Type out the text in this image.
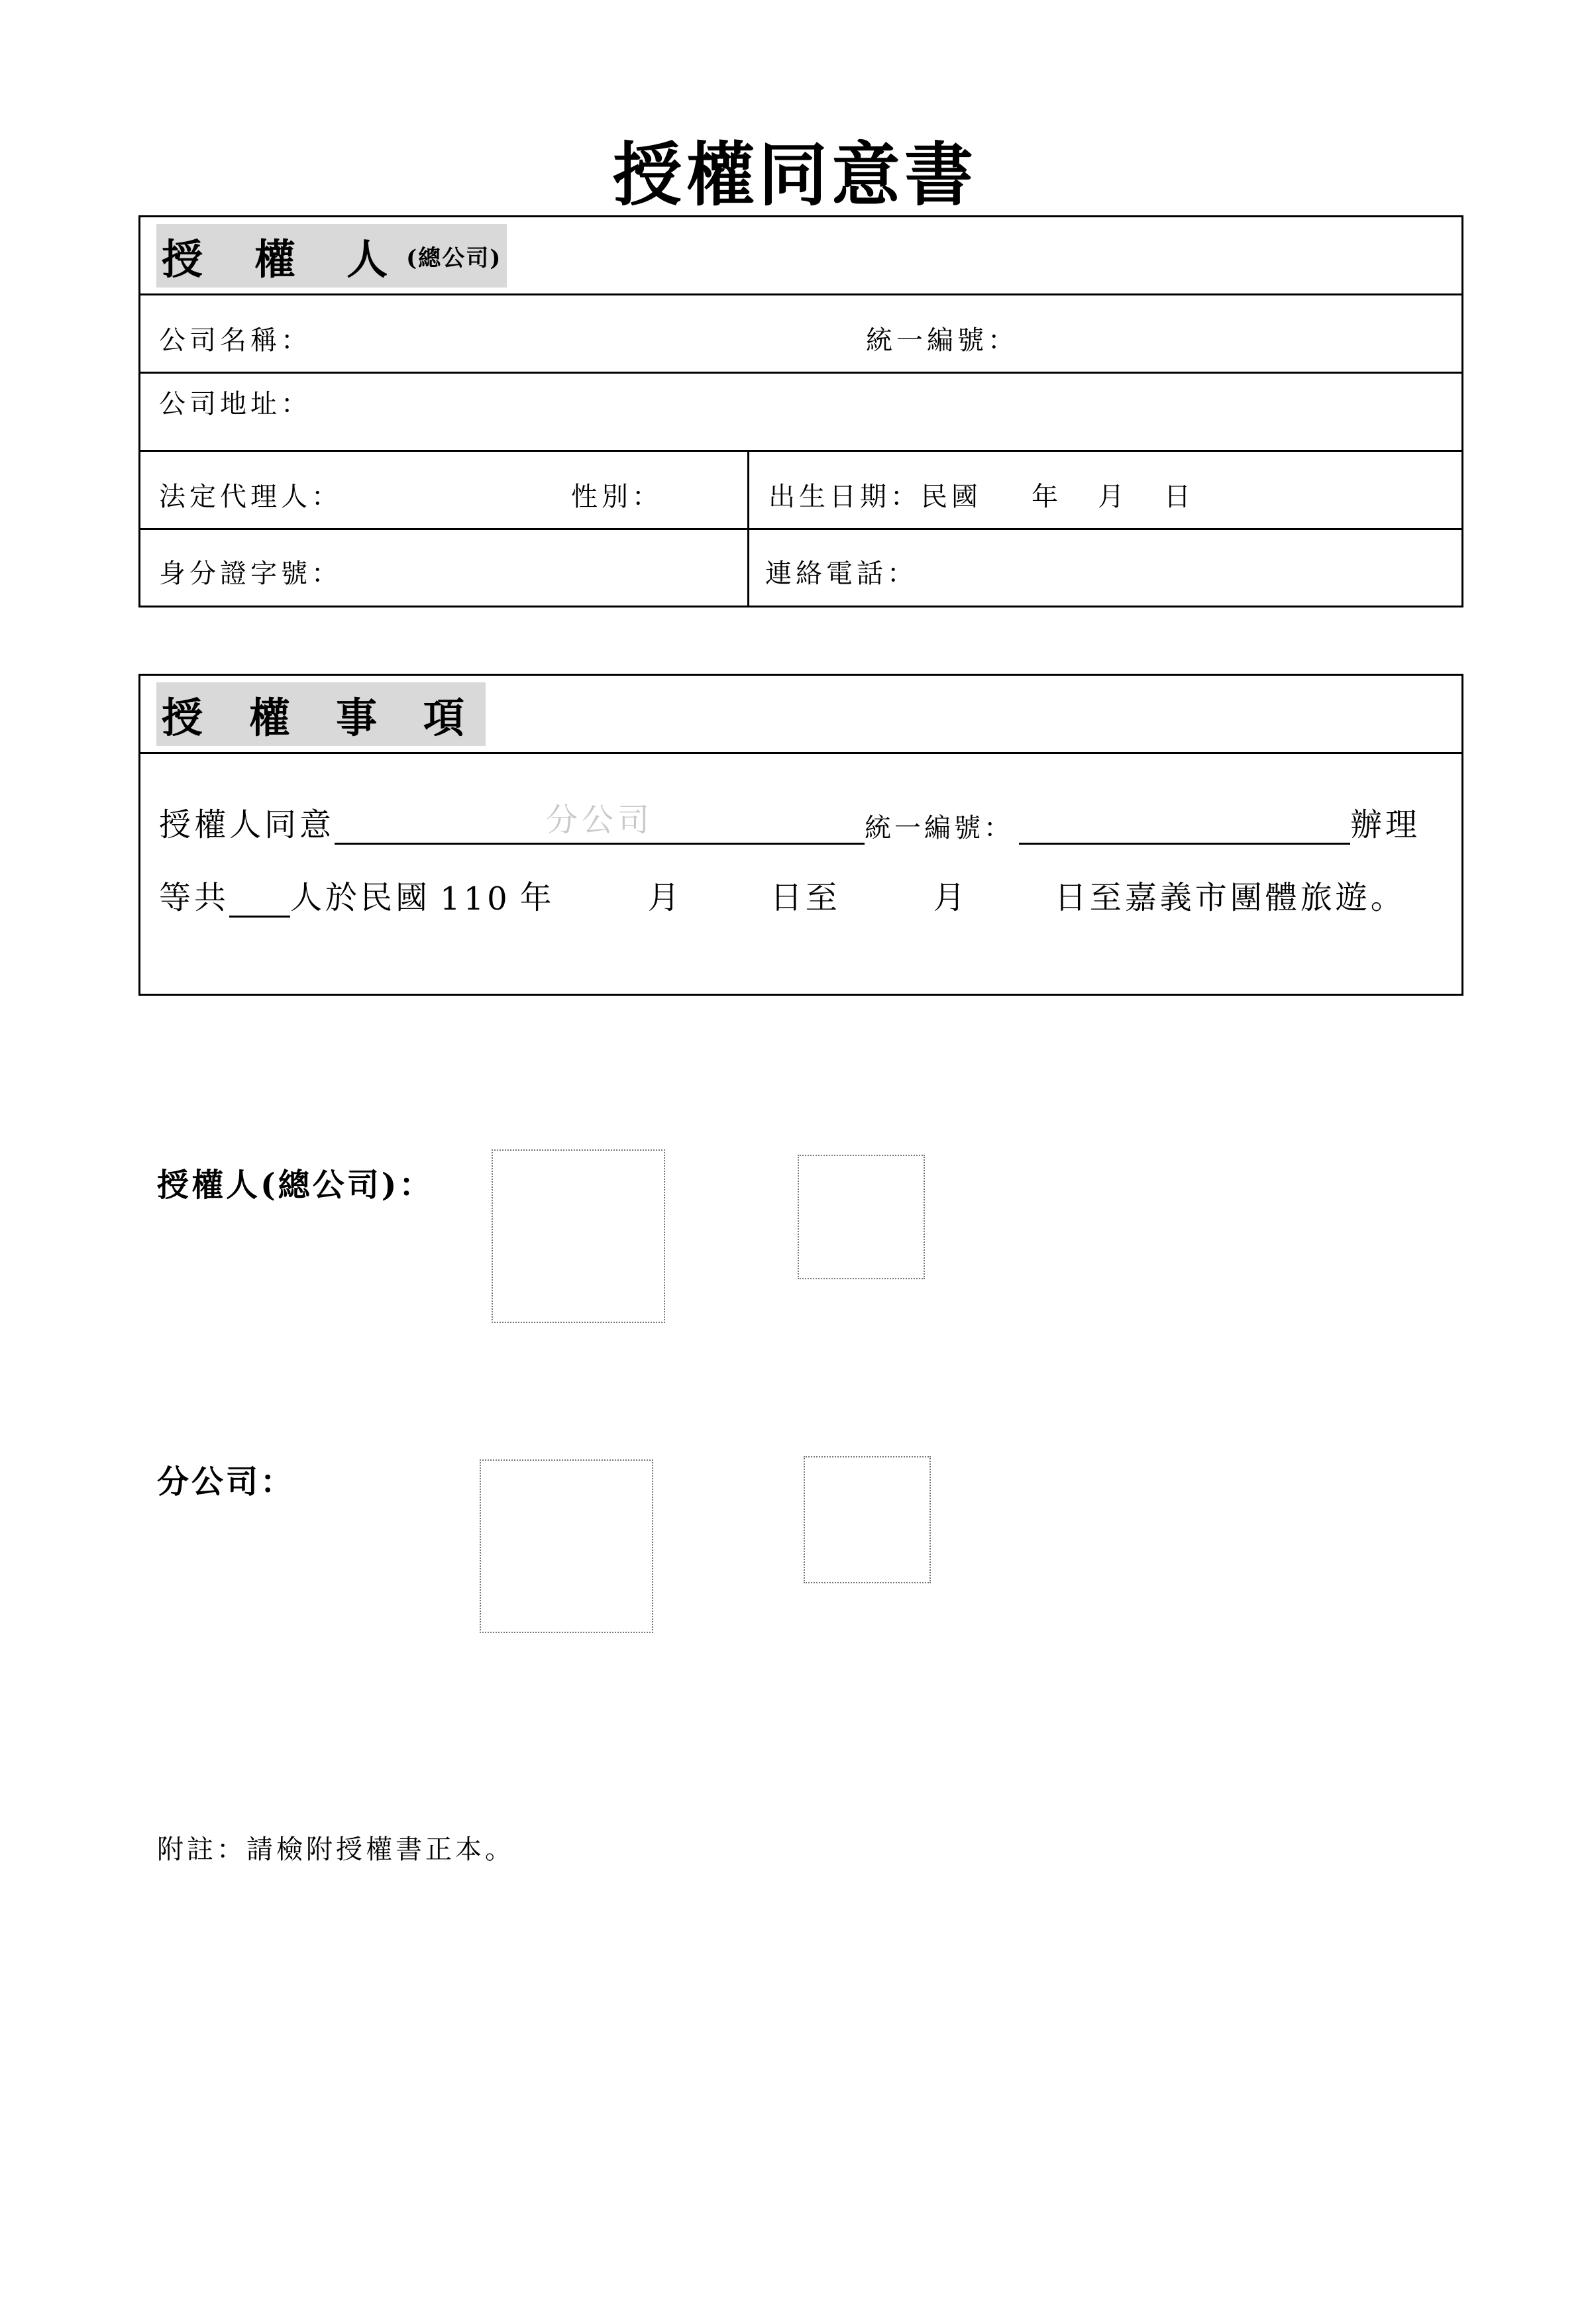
授權同意書
授 權 人 (總公司)
公司名稱：	統一編號：
公司地址：
法定代理人：	性別：	出生日期：民國 年 月 日
身分證字號：	連絡電話：
授 權 事 項
授權人同意	分公司	統一編號：	辦理
等共 人於民國 110 年	月	日至	月	日至嘉義市團體旅遊。
授權人(總公司)：
分公司：
附註：請檢附授權書正本。
